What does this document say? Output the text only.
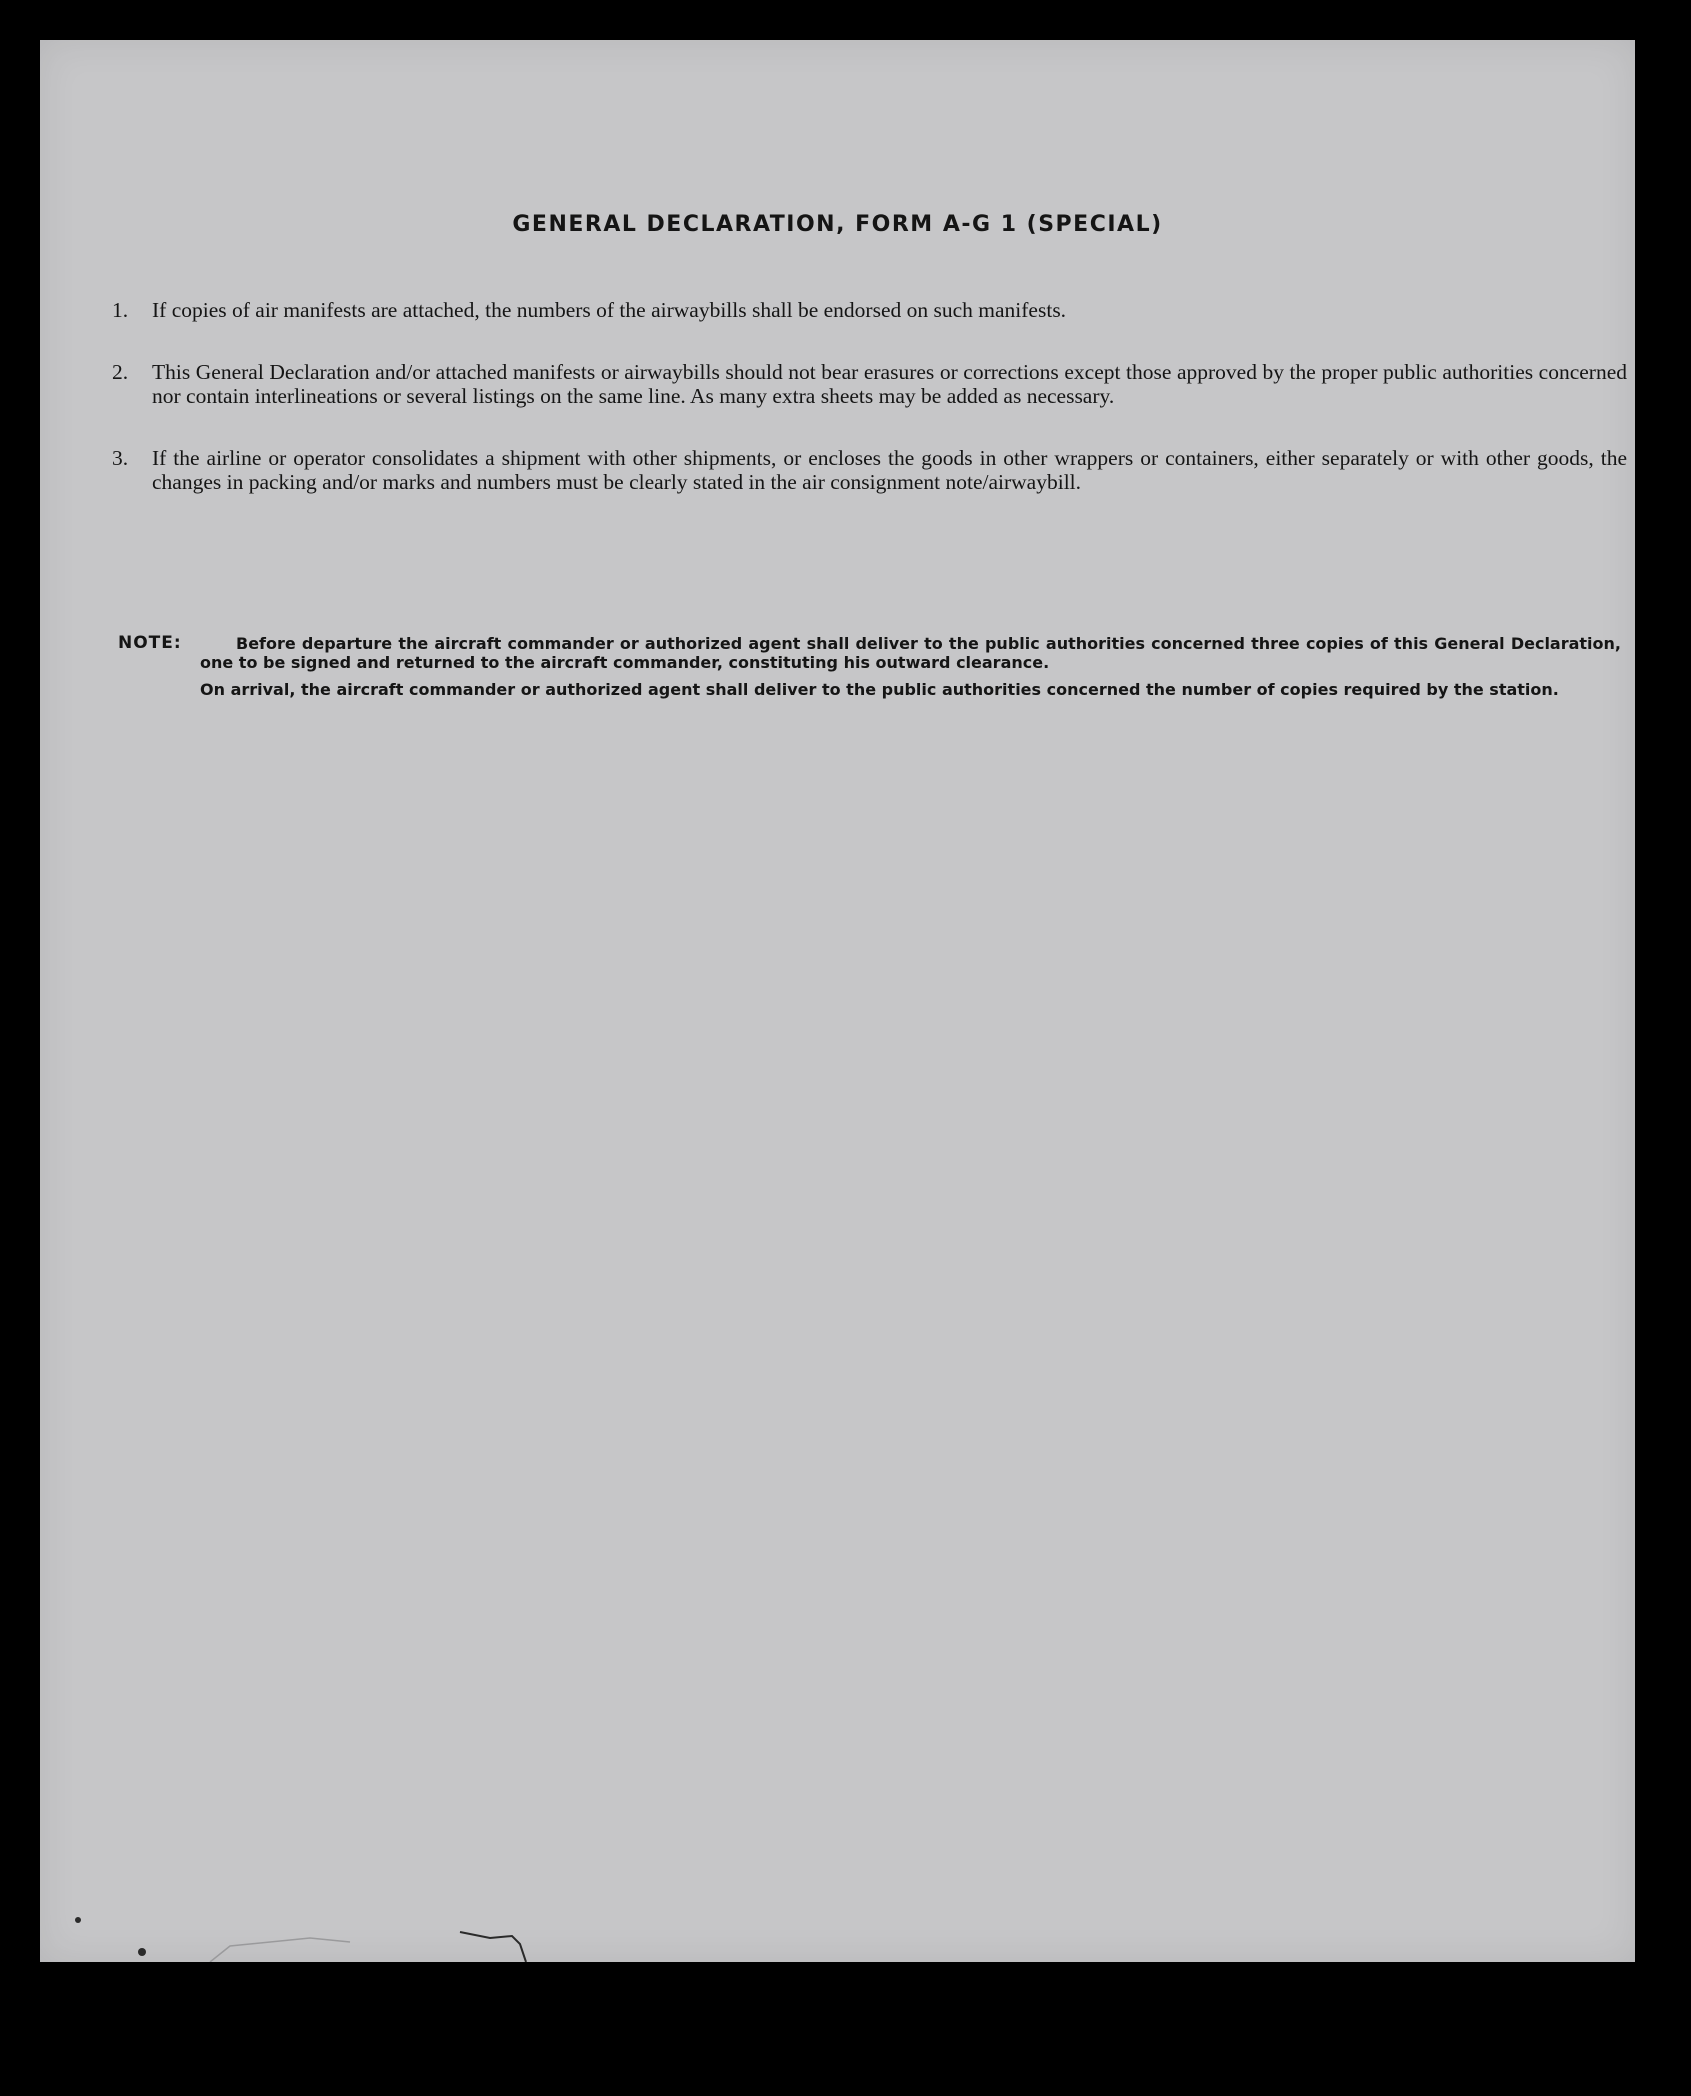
GENERAL DECLARATION, FORM A-G 1 (SPECIAL)
1. If copies of air manifests are attached, the numbers of the airwaybills shall be endorsed on such manifests.
2. This General Declaration and/or attached manifests or airwaybills should not bear erasures or corrections except those approved by the proper public authorities concerned nor contain interlineations or several listings on the same line. As many extra sheets may be added as necessary.
3. If the airline or operator consolidates a shipment with other shipments, or encloses the goods in other wrappers or containers, either separately or with other goods, the changes in packing and/or marks and numbers must be clearly stated in the air consignment note/airwaybill.
NOTE:	Before departure the aircraft commander or authorized agent shall deliver to the public authorities concerned three copies of this General Declaration, one to be signed and returned to the aircraft commander, constituting his outward clearance.

On arrival, the aircraft commander or authorized agent shall deliver to the public authorities concerned the number of copies required by the station.
